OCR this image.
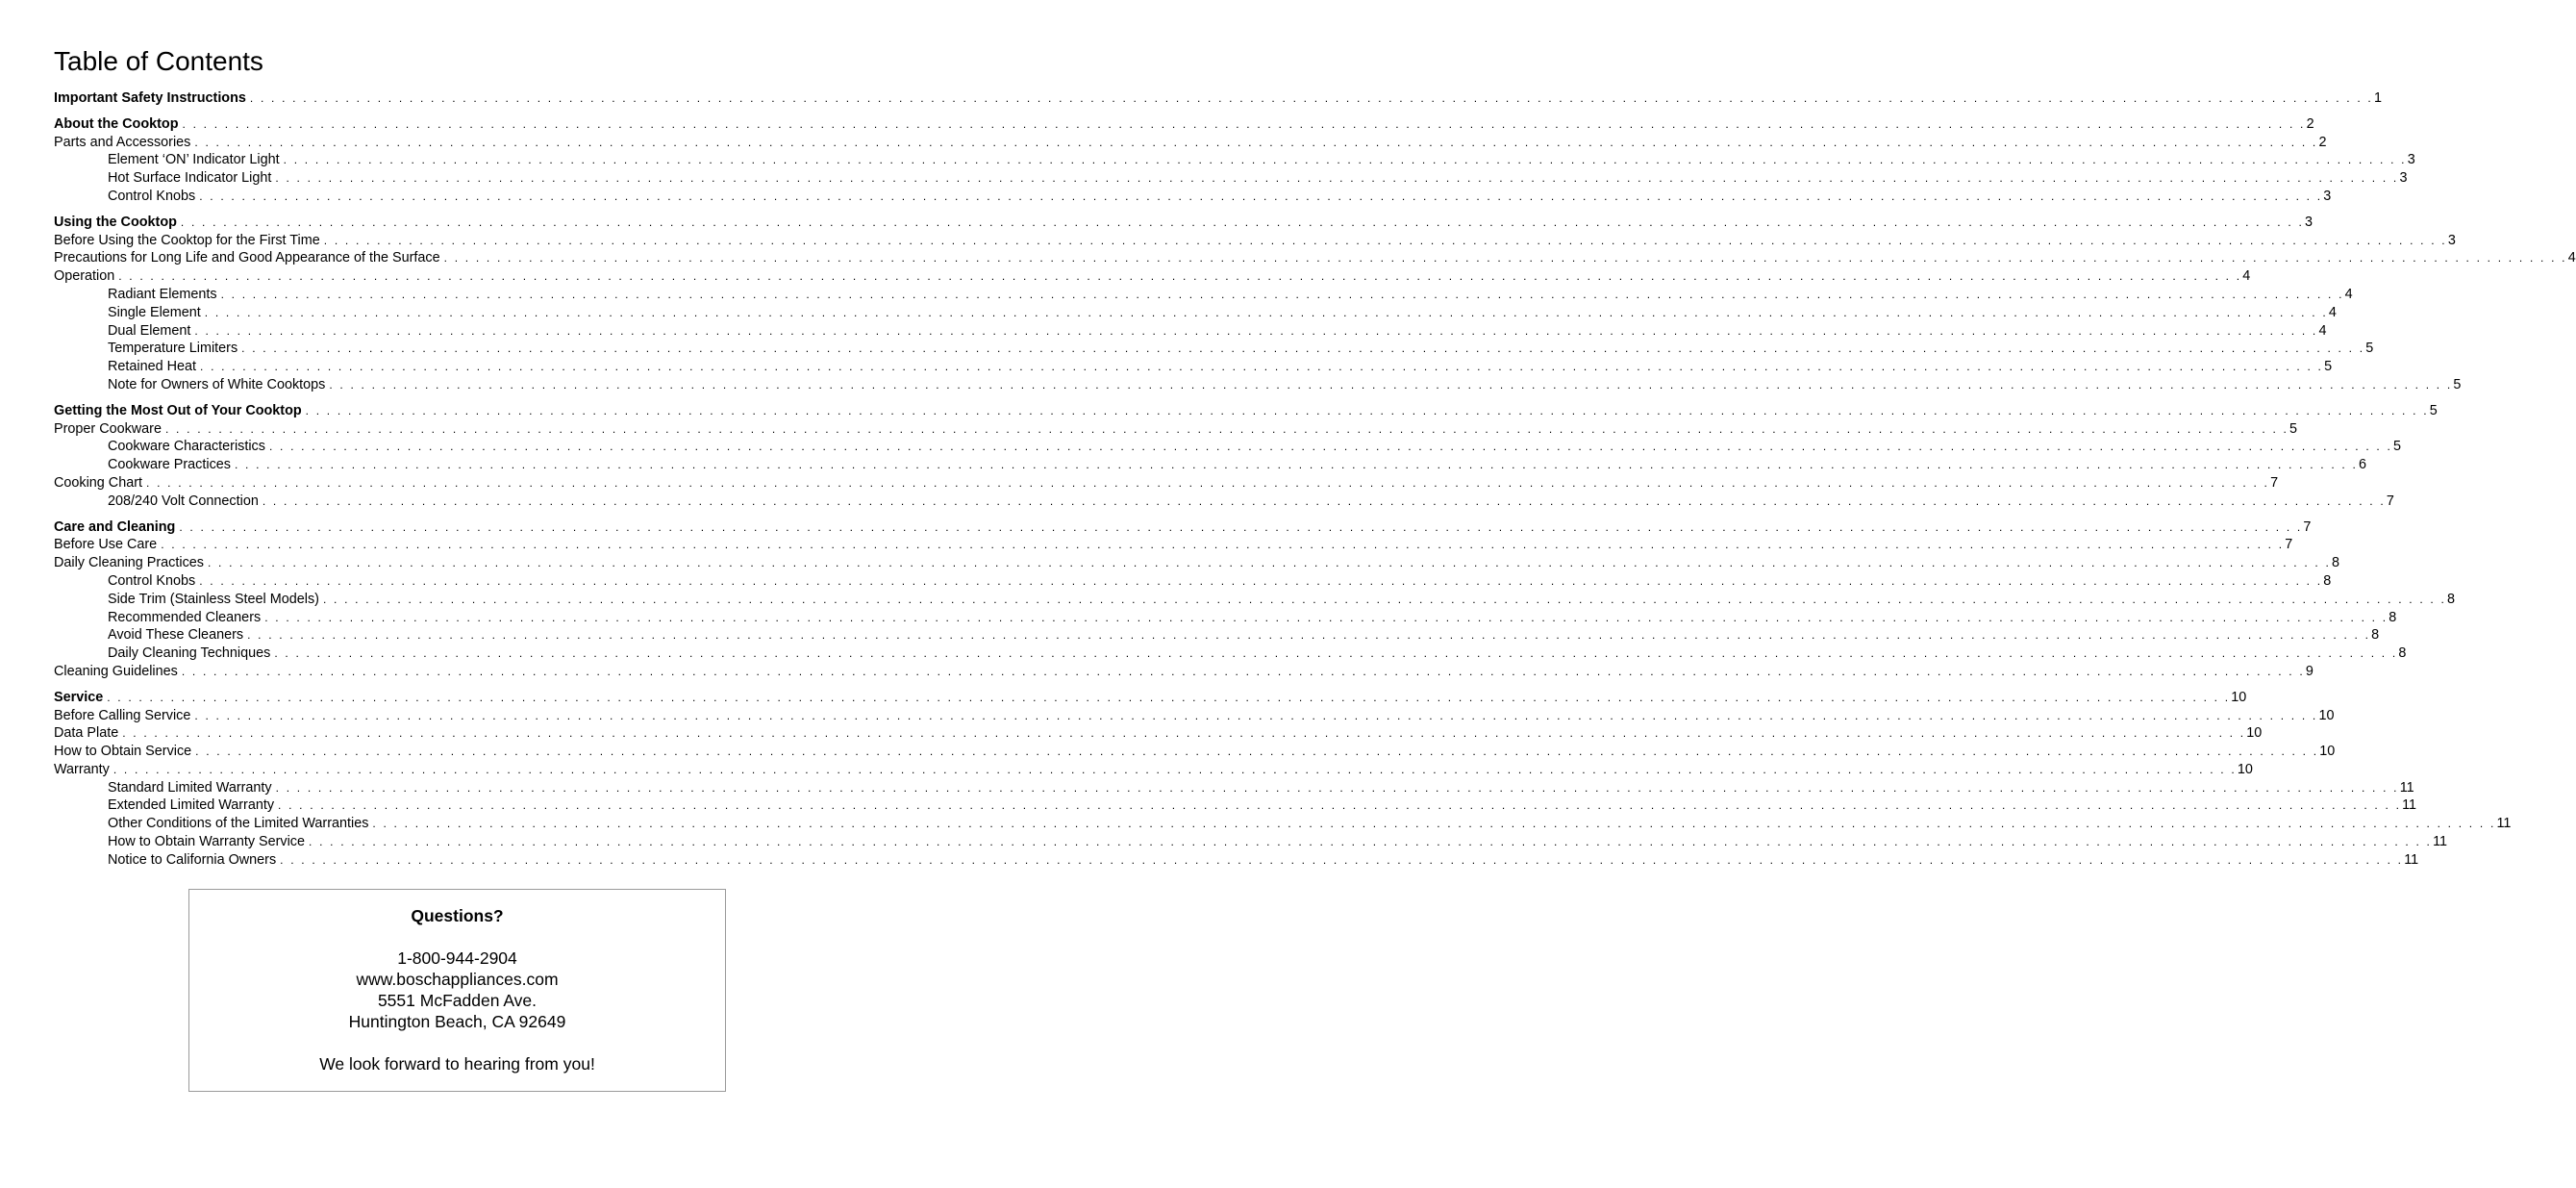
Table of Contents
Important Safety Instructions . . . . . . . . . . . . . . . . . . . . . . . . . . . . . . . . . . . . . . . . . . . . . . . . . . . . . . . . . . . . . . . . . . . . . . . . . . . . . . . . . . . . . . . . . . . . . . . . . . . . . . . . . . . . . . . . . . . . . . . . . . . . . . . . . . . . . . . . . . . . . . . . . . . . . . . . . . . . . . . . . . . . . . . . . . . . . . . . . . . . . . . . . . . . . . . . . . . . . . . . 1
About the Cooktop . . . . . . . . . . . . . . . . . . . . . . . . . . . . . . . . . . . . . . . . . . . . . . . . . . . . . . . . . . . . . . . . . . . . . . . . . . . . . . . . . . . . . . . . . . . . . . . . . . . . . . . . . . . . . . . . . . . . . . . . . . . . . . . . . . . . . . . . . . . . . . . . . . . . . . . . . . . . . . . . . . . . . . . . . . . . . . . . . . . . . . . . . . . . . . . . . . . . . . . . 2
Parts and Accessories . . . . . . . . . . . . . . . . . . . . . . . . . . . . . . . . . . . . . . . . . . . . . . . . . . . . . . . . . . . . . . . . . . . . . . . . . . . . . . . . . . . . . . . . . . . . . . . . . . . . . . . . . . . . . . . . . . . . . . . . . . . . . . . . . . . . . . . . . . . . . . . . . . . . . . . . . . . . . . . . . . . . . . . . . . . . . . . . . . . . . . . . . . . . . . . . . . . . . . . . 2
Element ‘ON’ Indicator Light . . . . . . . . . . . . . . . . . . . . . . . . . . . . . . . . . . . . . . . . . . . . . . . . . . . . . . . . . . . . . . . . . . . . . . . . . . . . . . . . . . . . . . . . . . . . . . . . . . . . . . . . . . . . . . . . . . . . . . . . . . . . . . . . . . . . . . . . . . . . . . . . . . . . . . . . . . . . . . . . . . . . . . . . . . . . . . . . . . . . . . . . . . . . . . . . . . . . . . . . 3
Hot Surface Indicator Light . . . . . . . . . . . . . . . . . . . . . . . . . . . . . . . . . . . . . . . . . . . . . . . . . . . . . . . . . . . . . . . . . . . . . . . . . . . . . . . . . . . . . . . . . . . . . . . . . . . . . . . . . . . . . . . . . . . . . . . . . . . . . . . . . . . . . . . . . . . . . . . . . . . . . . . . . . . . . . . . . . . . . . . . . . . . . . . . . . . . . . . . . . . . . . . . . . . . . . . . 3
Control Knobs . . . . . . . . . . . . . . . . . . . . . . . . . . . . . . . . . . . . . . . . . . . . . . . . . . . . . . . . . . . . . . . . . . . . . . . . . . . . . . . . . . . . . . . . . . . . . . . . . . . . . . . . . . . . . . . . . . . . . . . . . . . . . . . . . . . . . . . . . . . . . . . . . . . . . . . . . . . . . . . . . . . . . . . . . . . . . . . . . . . . . . . . . . . . . . . . . . . . . . . . 3
Using the Cooktop . . . . . . . . . . . . . . . . . . . . . . . . . . . . . . . . . . . . . . . . . . . . . . . . . . . . . . . . . . . . . . . . . . . . . . . . . . . . . . . . . . . . . . . . . . . . . . . . . . . . . . . . . . . . . . . . . . . . . . . . . . . . . . . . . . . . . . . . . . . . . . . . . . . . . . . . . . . . . . . . . . . . . . . . . . . . . . . . . . . . . . . . . . . . . . . . . . . . . . . . 3
Before Using the Cooktop for the First Time . . . . . . . . . . . . . . . . . . . . . . . . . . . . . . . . . . . . . . . . . . . . . . . . . . . . . . . . . . . . . . . . . . . . . . . . . . . . . . . . . . . . . . . . . . . . . . . . . . . . . . . . . . . . . . . . . . . . . . . . . . . . . . . . . . . . . . . . . . . . . . . . . . . . . . . . . . . . . . . . . . . . . . . . . . . . . . . . . . . . . . . . . . . . . . . . . . . . . . . . 3
Precautions for Long Life and Good Appearance of the Surface . . . . . . . . . . . . . . . . . . . . . . . . . . . . . . . . . . . . . . . . . . . . . . . . . . . . . . . . . . . . . . . . . . . . . . . . . . . . . . . . . . . . . . . . . . . . . . . . . . . . . . . . . . . . . . . . . . . . . . . . . . . . . . . . . . . . . . . . . . . . . . . . . . . . . . . . . . . . . . . . . . . . . . . . . . . . . . . . . . . . . . . . . . . . . . . . . . . . . . . . 4
Operation . . . . . . . . . . . . . . . . . . . . . . . . . . . . . . . . . . . . . . . . . . . . . . . . . . . . . . . . . . . . . . . . . . . . . . . . . . . . . . . . . . . . . . . . . . . . . . . . . . . . . . . . . . . . . . . . . . . . . . . . . . . . . . . . . . . . . . . . . . . . . . . . . . . . . . . . . . . . . . . . . . . . . . . . . . . . . . . . . . . . . . . . . . . . . . . . . . . . . . . . 4
Radiant Elements . . . . . . . . . . . . . . . . . . . . . . . . . . . . . . . . . . . . . . . . . . . . . . . . . . . . . . . . . . . . . . . . . . . . . . . . . . . . . . . . . . . . . . . . . . . . . . . . . . . . . . . . . . . . . . . . . . . . . . . . . . . . . . . . . . . . . . . . . . . . . . . . . . . . . . . . . . . . . . . . . . . . . . . . . . . . . . . . . . . . . . . . . . . . . . . . . . . . . . . . 4
Single Element . . . . . . . . . . . . . . . . . . . . . . . . . . . . . . . . . . . . . . . . . . . . . . . . . . . . . . . . . . . . . . . . . . . . . . . . . . . . . . . . . . . . . . . . . . . . . . . . . . . . . . . . . . . . . . . . . . . . . . . . . . . . . . . . . . . . . . . . . . . . . . . . . . . . . . . . . . . . . . . . . . . . . . . . . . . . . . . . . . . . . . . . . . . . . . . . . . . . . . . . 4
Dual Element . . . . . . . . . . . . . . . . . . . . . . . . . . . . . . . . . . . . . . . . . . . . . . . . . . . . . . . . . . . . . . . . . . . . . . . . . . . . . . . . . . . . . . . . . . . . . . . . . . . . . . . . . . . . . . . . . . . . . . . . . . . . . . . . . . . . . . . . . . . . . . . . . . . . . . . . . . . . . . . . . . . . . . . . . . . . . . . . . . . . . . . . . . . . . . . . . . . . . . . . 4
Temperature Limiters . . . . . . . . . . . . . . . . . . . . . . . . . . . . . . . . . . . . . . . . . . . . . . . . . . . . . . . . . . . . . . . . . . . . . . . . . . . . . . . . . . . . . . . . . . . . . . . . . . . . . . . . . . . . . . . . . . . . . . . . . . . . . . . . . . . . . . . . . . . . . . . . . . . . . . . . . . . . . . . . . . . . . . . . . . . . . . . . . . . . . . . . . . . . . . . . . . . . . . . . 5
Retained Heat . . . . . . . . . . . . . . . . . . . . . . . . . . . . . . . . . . . . . . . . . . . . . . . . . . . . . . . . . . . . . . . . . . . . . . . . . . . . . . . . . . . . . . . . . . . . . . . . . . . . . . . . . . . . . . . . . . . . . . . . . . . . . . . . . . . . . . . . . . . . . . . . . . . . . . . . . . . . . . . . . . . . . . . . . . . . . . . . . . . . . . . . . . . . . . . . . . . . . . . . 5
Note for Owners of White Cooktops . . . . . . . . . . . . . . . . . . . . . . . . . . . . . . . . . . . . . . . . . . . . . . . . . . . . . . . . . . . . . . . . . . . . . . . . . . . . . . . . . . . . . . . . . . . . . . . . . . . . . . . . . . . . . . . . . . . . . . . . . . . . . . . . . . . . . . . . . . . . . . . . . . . . . . . . . . . . . . . . . . . . . . . . . . . . . . . . . . . . . . . . . . . . . . . . . . . . . . . . 5
Getting the Most Out of Your Cooktop . . . . . . . . . . . . . . . . . . . . . . . . . . . . . . . . . . . . . . . . . . . . . . . . . . . . . . . . . . . . . . . . . . . . . . . . . . . . . . . . . . . . . . . . . . . . . . . . . . . . . . . . . . . . . . . . . . . . . . . . . . . . . . . . . . . . . . . . . . . . . . . . . . . . . . . . . . . . . . . . . . . . . . . . . . . . . . . . . . . . . . . . . . . . . . . . . . . . . . . . 5
Proper Cookware . . . . . . . . . . . . . . . . . . . . . . . . . . . . . . . . . . . . . . . . . . . . . . . . . . . . . . . . . . . . . . . . . . . . . . . . . . . . . . . . . . . . . . . . . . . . . . . . . . . . . . . . . . . . . . . . . . . . . . . . . . . . . . . . . . . . . . . . . . . . . . . . . . . . . . . . . . . . . . . . . . . . . . . . . . . . . . . . . . . . . . . . . . . . . . . . . . . . . . . . 5
Cookware Characteristics . . . . . . . . . . . . . . . . . . . . . . . . . . . . . . . . . . . . . . . . . . . . . . . . . . . . . . . . . . . . . . . . . . . . . . . . . . . . . . . . . . . . . . . . . . . . . . . . . . . . . . . . . . . . . . . . . . . . . . . . . . . . . . . . . . . . . . . . . . . . . . . . . . . . . . . . . . . . . . . . . . . . . . . . . . . . . . . . . . . . . . . . . . . . . . . . . . . . . . . . 5
Cookware Practices . . . . . . . . . . . . . . . . . . . . . . . . . . . . . . . . . . . . . . . . . . . . . . . . . . . . . . . . . . . . . . . . . . . . . . . . . . . . . . . . . . . . . . . . . . . . . . . . . . . . . . . . . . . . . . . . . . . . . . . . . . . . . . . . . . . . . . . . . . . . . . . . . . . . . . . . . . . . . . . . . . . . . . . . . . . . . . . . . . . . . . . . . . . . . . . . . . . . . . . . 6
Cooking Chart . . . . . . . . . . . . . . . . . . . . . . . . . . . . . . . . . . . . . . . . . . . . . . . . . . . . . . . . . . . . . . . . . . . . . . . . . . . . . . . . . . . . . . . . . . . . . . . . . . . . . . . . . . . . . . . . . . . . . . . . . . . . . . . . . . . . . . . . . . . . . . . . . . . . . . . . . . . . . . . . . . . . . . . . . . . . . . . . . . . . . . . . . . . . . . . . . . . . . . . . 7
208/240 Volt Connection . . . . . . . . . . . . . . . . . . . . . . . . . . . . . . . . . . . . . . . . . . . . . . . . . . . . . . . . . . . . . . . . . . . . . . . . . . . . . . . . . . . . . . . . . . . . . . . . . . . . . . . . . . . . . . . . . . . . . . . . . . . . . . . . . . . . . . . . . . . . . . . . . . . . . . . . . . . . . . . . . . . . . . . . . . . . . . . . . . . . . . . . . . . . . . . . . . . . . . . . 7
Care and Cleaning . . . . . . . . . . . . . . . . . . . . . . . . . . . . . . . . . . . . . . . . . . . . . . . . . . . . . . . . . . . . . . . . . . . . . . . . . . . . . . . . . . . . . . . . . . . . . . . . . . . . . . . . . . . . . . . . . . . . . . . . . . . . . . . . . . . . . . . . . . . . . . . . . . . . . . . . . . . . . . . . . . . . . . . . . . . . . . . . . . . . . . . . . . . . . . . . . . . . . . . . 7
Before Use Care . . . . . . . . . . . . . . . . . . . . . . . . . . . . . . . . . . . . . . . . . . . . . . . . . . . . . . . . . . . . . . . . . . . . . . . . . . . . . . . . . . . . . . . . . . . . . . . . . . . . . . . . . . . . . . . . . . . . . . . . . . . . . . . . . . . . . . . . . . . . . . . . . . . . . . . . . . . . . . . . . . . . . . . . . . . . . . . . . . . . . . . . . . . . . . . . . . . . . . . . 7
Daily Cleaning Practices . . . . . . . . . . . . . . . . . . . . . . . . . . . . . . . . . . . . . . . . . . . . . . . . . . . . . . . . . . . . . . . . . . . . . . . . . . . . . . . . . . . . . . . . . . . . . . . . . . . . . . . . . . . . . . . . . . . . . . . . . . . . . . . . . . . . . . . . . . . . . . . . . . . . . . . . . . . . . . . . . . . . . . . . . . . . . . . . . . . . . . . . . . . . . . . . . . . . . . . . 8
Control Knobs . . . . . . . . . . . . . . . . . . . . . . . . . . . . . . . . . . . . . . . . . . . . . . . . . . . . . . . . . . . . . . . . . . . . . . . . . . . . . . . . . . . . . . . . . . . . . . . . . . . . . . . . . . . . . . . . . . . . . . . . . . . . . . . . . . . . . . . . . . . . . . . . . . . . . . . . . . . . . . . . . . . . . . . . . . . . . . . . . . . . . . . . . . . . . . . . . . . . . . . . 8
Side Trim (Stainless Steel Models) . . . . . . . . . . . . . . . . . . . . . . . . . . . . . . . . . . . . . . . . . . . . . . . . . . . . . . . . . . . . . . . . . . . . . . . . . . . . . . . . . . . . . . . . . . . . . . . . . . . . . . . . . . . . . . . . . . . . . . . . . . . . . . . . . . . . . . . . . . . . . . . . . . . . . . . . . . . . . . . . . . . . . . . . . . . . . . . . . . . . . . . . . . . . . . . . . . . . . . . . 8
Recommended Cleaners . . . . . . . . . . . . . . . . . . . . . . . . . . . . . . . . . . . . . . . . . . . . . . . . . . . . . . . . . . . . . . . . . . . . . . . . . . . . . . . . . . . . . . . . . . . . . . . . . . . . . . . . . . . . . . . . . . . . . . . . . . . . . . . . . . . . . . . . . . . . . . . . . . . . . . . . . . . . . . . . . . . . . . . . . . . . . . . . . . . . . . . . . . . . . . . . . . . . . . . . 8
Avoid These Cleaners . . . . . . . . . . . . . . . . . . . . . . . . . . . . . . . . . . . . . . . . . . . . . . . . . . . . . . . . . . . . . . . . . . . . . . . . . . . . . . . . . . . . . . . . . . . . . . . . . . . . . . . . . . . . . . . . . . . . . . . . . . . . . . . . . . . . . . . . . . . . . . . . . . . . . . . . . . . . . . . . . . . . . . . . . . . . . . . . . . . . . . . . . . . . . . . . . . . . . . . . 8
Daily Cleaning Techniques . . . . . . . . . . . . . . . . . . . . . . . . . . . . . . . . . . . . . . . . . . . . . . . . . . . . . . . . . . . . . . . . . . . . . . . . . . . . . . . . . . . . . . . . . . . . . . . . . . . . . . . . . . . . . . . . . . . . . . . . . . . . . . . . . . . . . . . . . . . . . . . . . . . . . . . . . . . . . . . . . . . . . . . . . . . . . . . . . . . . . . . . . . . . . . . . . . . . . . . . 8
Cleaning Guidelines . . . . . . . . . . . . . . . . . . . . . . . . . . . . . . . . . . . . . . . . . . . . . . . . . . . . . . . . . . . . . . . . . . . . . . . . . . . . . . . . . . . . . . . . . . . . . . . . . . . . . . . . . . . . . . . . . . . . . . . . . . . . . . . . . . . . . . . . . . . . . . . . . . . . . . . . . . . . . . . . . . . . . . . . . . . . . . . . . . . . . . . . . . . . . . . . . . . . . . . . 9
Service . . . . . . . . . . . . . . . . . . . . . . . . . . . . . . . . . . . . . . . . . . . . . . . . . . . . . . . . . . . . . . . . . . . . . . . . . . . . . . . . . . . . . . . . . . . . . . . . . . . . . . . . . . . . . . . . . . . . . . . . . . . . . . . . . . . . . . . . . . . . . . . . . . . . . . . . . . . . . . . . . . . . . . . . . . . . . . . . . . . . . . . . . . . . . . . . . . . . . . . . 10
Before Calling Service . . . . . . . . . . . . . . . . . . . . . . . . . . . . . . . . . . . . . . . . . . . . . . . . . . . . . . . . . . . . . . . . . . . . . . . . . . . . . . . . . . . . . . . . . . . . . . . . . . . . . . . . . . . . . . . . . . . . . . . . . . . . . . . . . . . . . . . . . . . . . . . . . . . . . . . . . . . . . . . . . . . . . . . . . . . . . . . . . . . . . . . . . . . . . . . . . . . . . . . . 10
Data Plate . . . . . . . . . . . . . . . . . . . . . . . . . . . . . . . . . . . . . . . . . . . . . . . . . . . . . . . . . . . . . . . . . . . . . . . . . . . . . . . . . . . . . . . . . . . . . . . . . . . . . . . . . . . . . . . . . . . . . . . . . . . . . . . . . . . . . . . . . . . . . . . . . . . . . . . . . . . . . . . . . . . . . . . . . . . . . . . . . . . . . . . . . . . . . . . . . . . . . . . . 10
How to Obtain Service . . . . . . . . . . . . . . . . . . . . . . . . . . . . . . . . . . . . . . . . . . . . . . . . . . . . . . . . . . . . . . . . . . . . . . . . . . . . . . . . . . . . . . . . . . . . . . . . . . . . . . . . . . . . . . . . . . . . . . . . . . . . . . . . . . . . . . . . . . . . . . . . . . . . . . . . . . . . . . . . . . . . . . . . . . . . . . . . . . . . . . . . . . . . . . . . . . . . . . . . 10
Warranty . . . . . . . . . . . . . . . . . . . . . . . . . . . . . . . . . . . . . . . . . . . . . . . . . . . . . . . . . . . . . . . . . . . . . . . . . . . . . . . . . . . . . . . . . . . . . . . . . . . . . . . . . . . . . . . . . . . . . . . . . . . . . . . . . . . . . . . . . . . . . . . . . . . . . . . . . . . . . . . . . . . . . . . . . . . . . . . . . . . . . . . . . . . . . . . . . . . . . . . . 10
Standard Limited Warranty . . . . . . . . . . . . . . . . . . . . . . . . . . . . . . . . . . . . . . . . . . . . . . . . . . . . . . . . . . . . . . . . . . . . . . . . . . . . . . . . . . . . . . . . . . . . . . . . . . . . . . . . . . . . . . . . . . . . . . . . . . . . . . . . . . . . . . . . . . . . . . . . . . . . . . . . . . . . . . . . . . . . . . . . . . . . . . . . . . . . . . . . . . . . . . . . . . . . . . . . 11
Extended Limited Warranty . . . . . . . . . . . . . . . . . . . . . . . . . . . . . . . . . . . . . . . . . . . . . . . . . . . . . . . . . . . . . . . . . . . . . . . . . . . . . . . . . . . . . . . . . . . . . . . . . . . . . . . . . . . . . . . . . . . . . . . . . . . . . . . . . . . . . . . . . . . . . . . . . . . . . . . . . . . . . . . . . . . . . . . . . . . . . . . . . . . . . . . . . . . . . . . . . . . . . . . . 11
Other Conditions of the Limited Warranties . . . . . . . . . . . . . . . . . . . . . . . . . . . . . . . . . . . . . . . . . . . . . . . . . . . . . . . . . . . . . . . . . . . . . . . . . . . . . . . . . . . . . . . . . . . . . . . . . . . . . . . . . . . . . . . . . . . . . . . . . . . . . . . . . . . . . . . . . . . . . . . . . . . . . . . . . . . . . . . . . . . . . . . . . . . . . . . . . . . . . . . . . . . . . . . . . . . . . . . . 11
How to Obtain Warranty Service . . . . . . . . . . . . . . . . . . . . . . . . . . . . . . . . . . . . . . . . . . . . . . . . . . . . . . . . . . . . . . . . . . . . . . . . . . . . . . . . . . . . . . . . . . . . . . . . . . . . . . . . . . . . . . . . . . . . . . . . . . . . . . . . . . . . . . . . . . . . . . . . . . . . . . . . . . . . . . . . . . . . . . . . . . . . . . . . . . . . . . . . . . . . . . . . . . . . . . . . 11
Notice to California Owners . . . . . . . . . . . . . . . . . . . . . . . . . . . . . . . . . . . . . . . . . . . . . . . . . . . . . . . . . . . . . . . . . . . . . . . . . . . . . . . . . . . . . . . . . . . . . . . . . . . . . . . . . . . . . . . . . . . . . . . . . . . . . . . . . . . . . . . . . . . . . . . . . . . . . . . . . . . . . . . . . . . . . . . . . . . . . . . . . . . . . . . . . . . . . . . . . . . . . . . . 11
Questions?
1-800-944-2904
www.boschappliances.com
5551 McFadden Ave.
Huntington Beach, CA 92649
We look forward to hearing from you!
